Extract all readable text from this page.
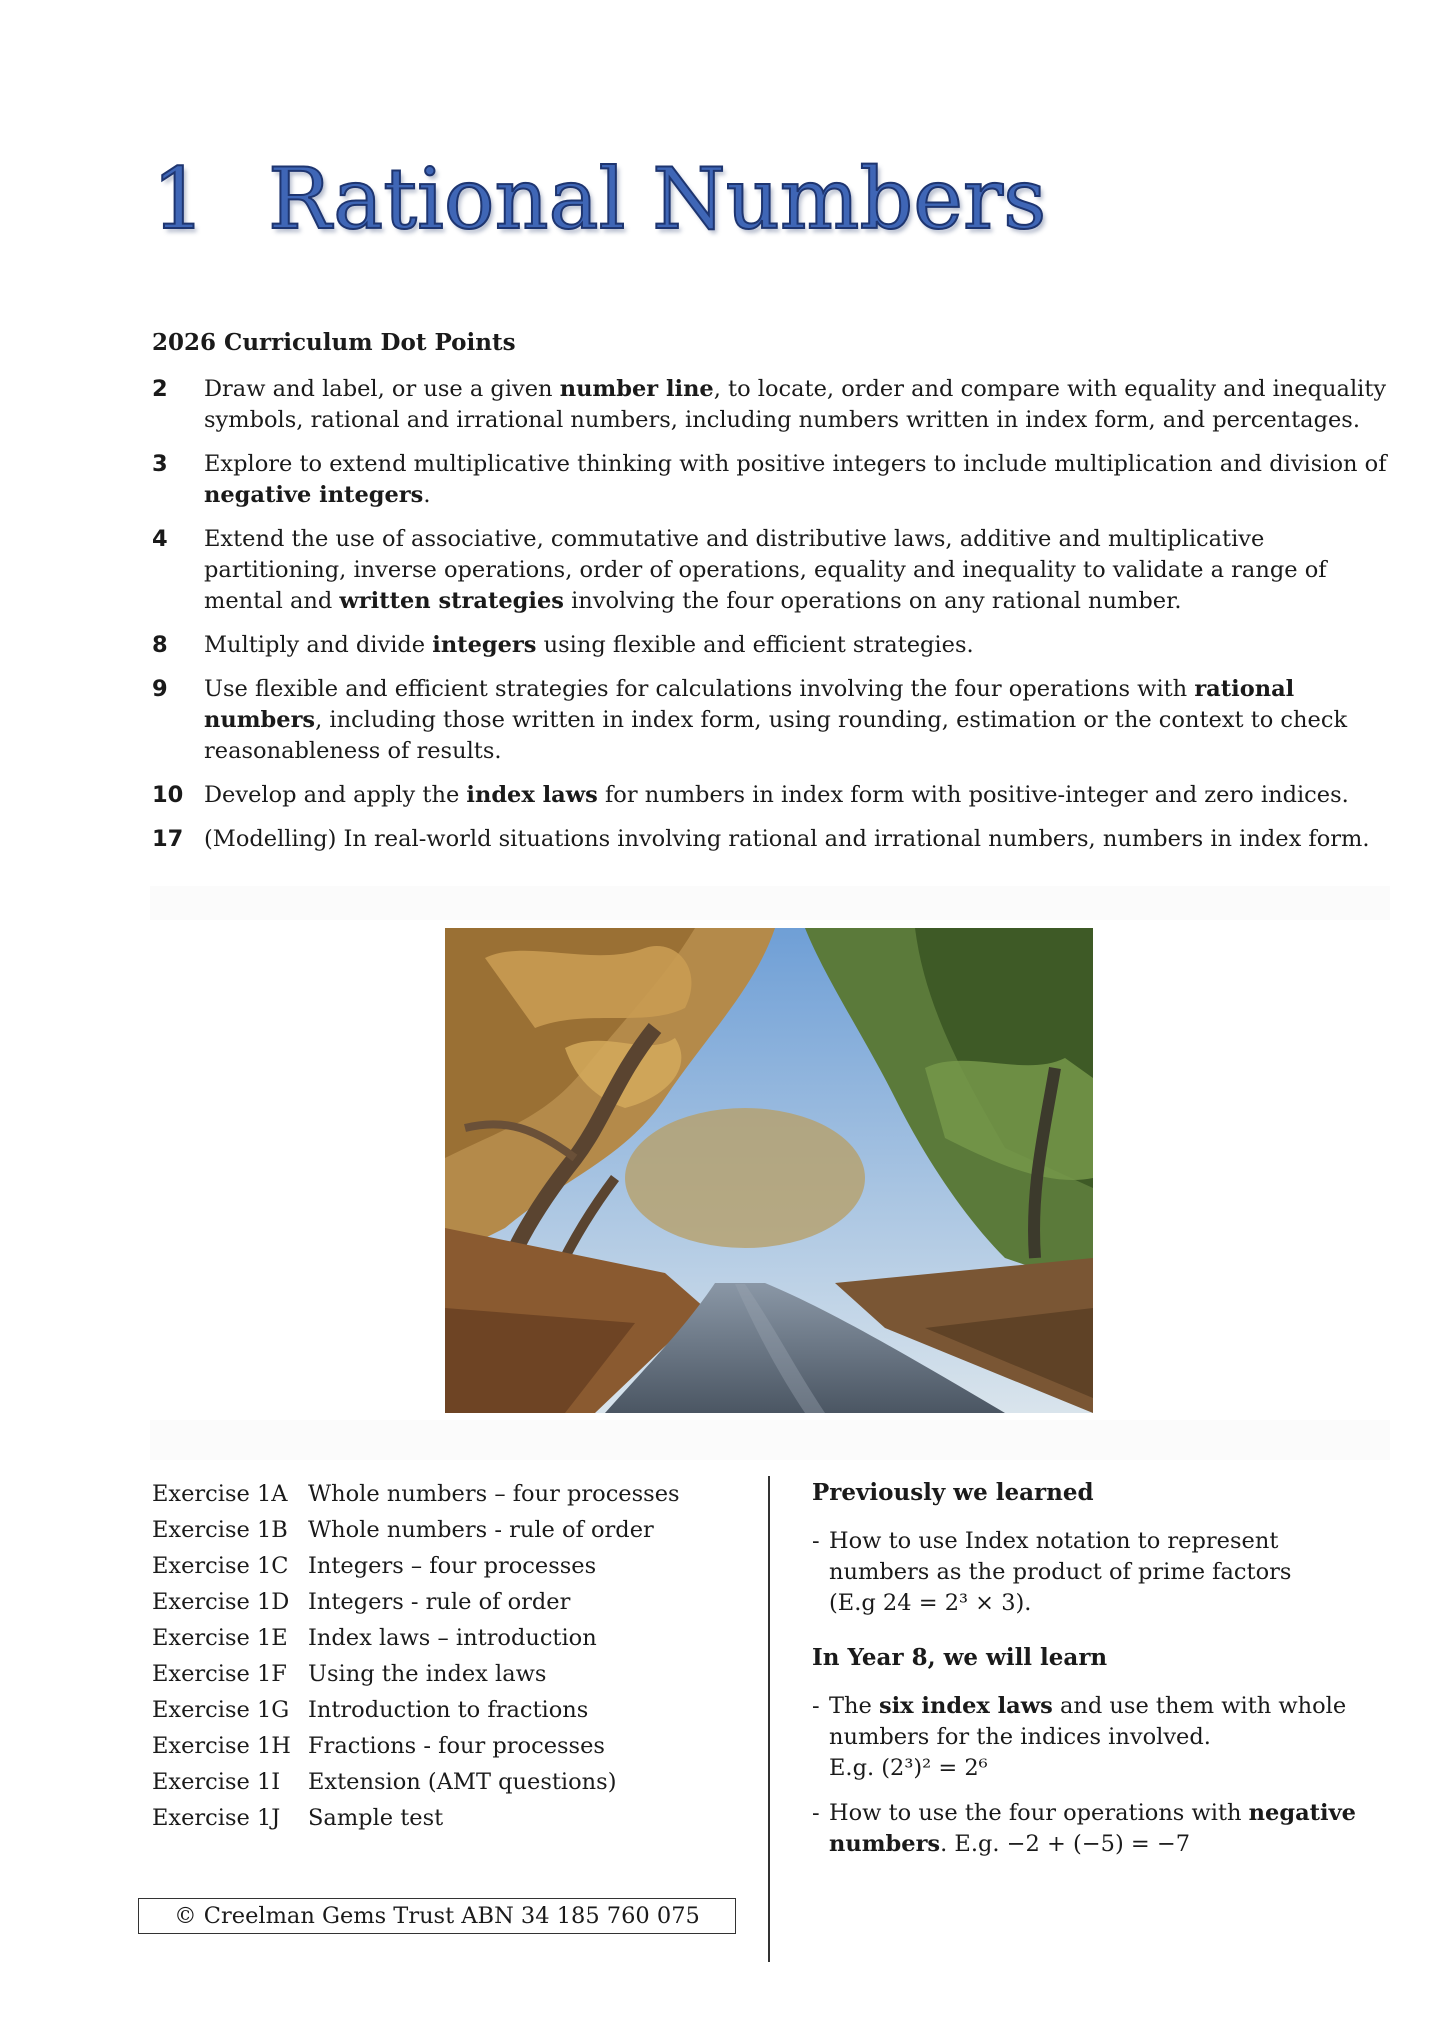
1 Rational Numbers
2026 Curriculum Dot Points
2	Draw and label, or use a given number line, to locate, order and compare with equality and inequality symbols, rational and irrational numbers, including numbers written in index form, and percentages.
3	Explore to extend multiplicative thinking with positive integers to include multiplication and division of negative integers.
4	Extend the use of associative, commutative and distributive laws, additive and multiplicative partitioning, inverse operations, order of operations, equality and inequality to validate a range of mental and written strategies involving the four operations on any rational number.
8	Multiply and divide integers using flexible and efficient strategies.
9	Use flexible and efficient strategies for calculations involving the four operations with rational numbers, including those written in index form, using rounding, estimation or the context to check reasonableness of results.
10 Develop and apply the index laws for numbers in index form with positive-integer and zero indices.
17 (Modelling) In real-world situations involving rational and irrational numbers, numbers in index form.
Exercise 1A Whole numbers – four processes
Exercise 1B Whole numbers - rule of order
Exercise 1C Integers – four processes
Exercise 1D Integers - rule of order
Exercise 1E Index laws – introduction
Exercise 1F Using the index laws
Exercise 1G Introduction to fractions
Exercise 1H Fractions - four processes
Exercise 1I	Extension (AMT questions)
Exercise 1J	Sample test
Previously we learned
- How to use Index notation to represent numbers as the product of prime factors
(E.g 24 = 2³ × 3).
In Year 8, we will learn
- The six index laws and use them with whole numbers for the indices involved.
E.g. (2³)² = 2⁶
- How to use the four operations with negative numbers. E.g. −2 + (−5) = −7
© Creelman Gems Trust ABN 34 185 760 075
